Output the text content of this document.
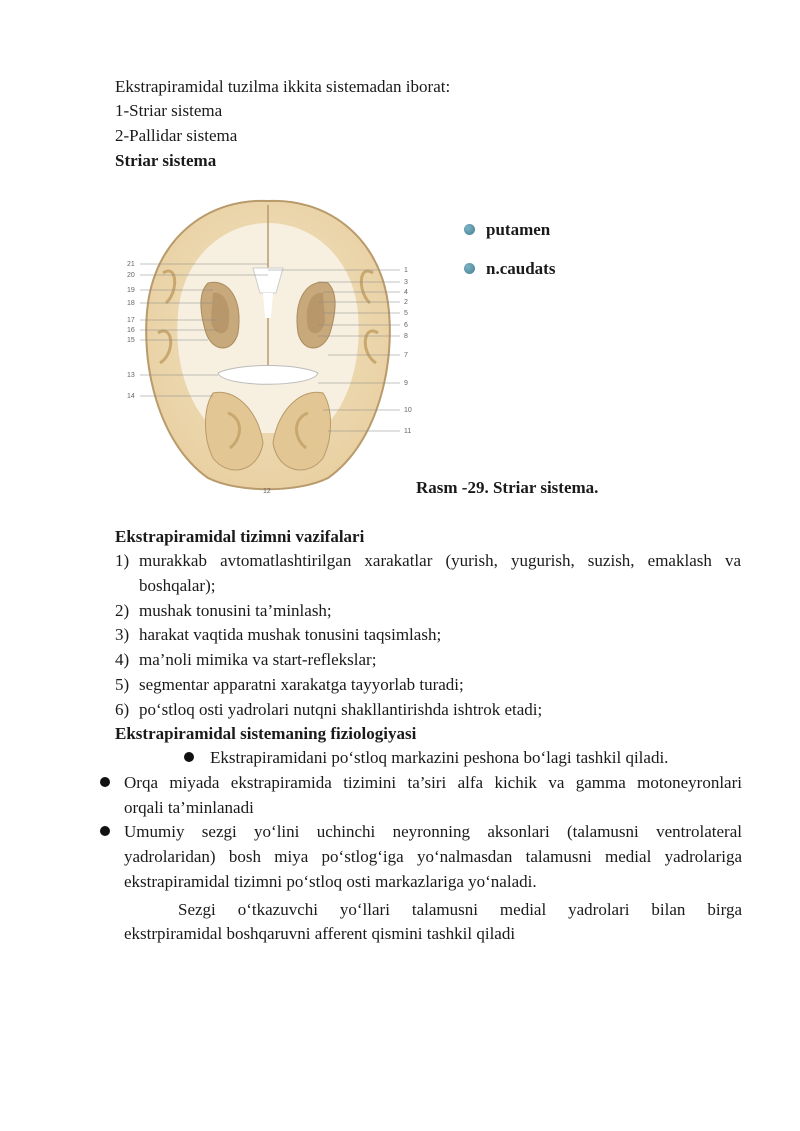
Ekstrapiramidal tuzilma ikkita sistemadan iborat:
1-Striar sistema
2-Pallidar sistema
Striar sistema
21
20
19
18
17
16
15
13
14
1
3
4
2
5
6
8
7
9
10
11
12
putamen
n.caudats
Rasm -29. Striar sistema.
Ekstrapiramidal tizimni vazifalari
1) murakkab avtomatlashtirilgan xarakatlar (yurish, yugurish, suzish, emaklash va
boshqalar);
2) mushak tonusini ta’minlash;
3) harakat vaqtida mushak tonusini taqsimlash;
4) ma’noli mimika va start-reflekslar;
5) segmentar apparatni xarakatga tayyorlab turadi;
6) po‘stloq osti yadrolari nutqni shakllantirishda ishtrok etadi;
Ekstrapiramidal sistemaning fiziologiyasi
Ekstrapiramidani po‘stloq markazini peshona bo‘lagi tashkil qiladi.
Orqa miyada ekstrapiramida tizimini ta’siri alfa kichik va gamma motoneyronlari
orqali ta’minlanadi
Umumiy sezgi yo‘lini uchinchi neyronning aksonlari (talamusni ventrolateral
yadrolaridan) bosh miya po‘stlog‘iga yo‘nalmasdan talamusni medial yadrolariga
ekstrapiramidal tizimni po‘stloq osti markazlariga yo‘naladi.
Sezgi o‘tkazuvchi yo‘llari talamusni medial yadrolari bilan birga
ekstrpiramidal boshqaruvni afferent qismini tashkil qiladi
